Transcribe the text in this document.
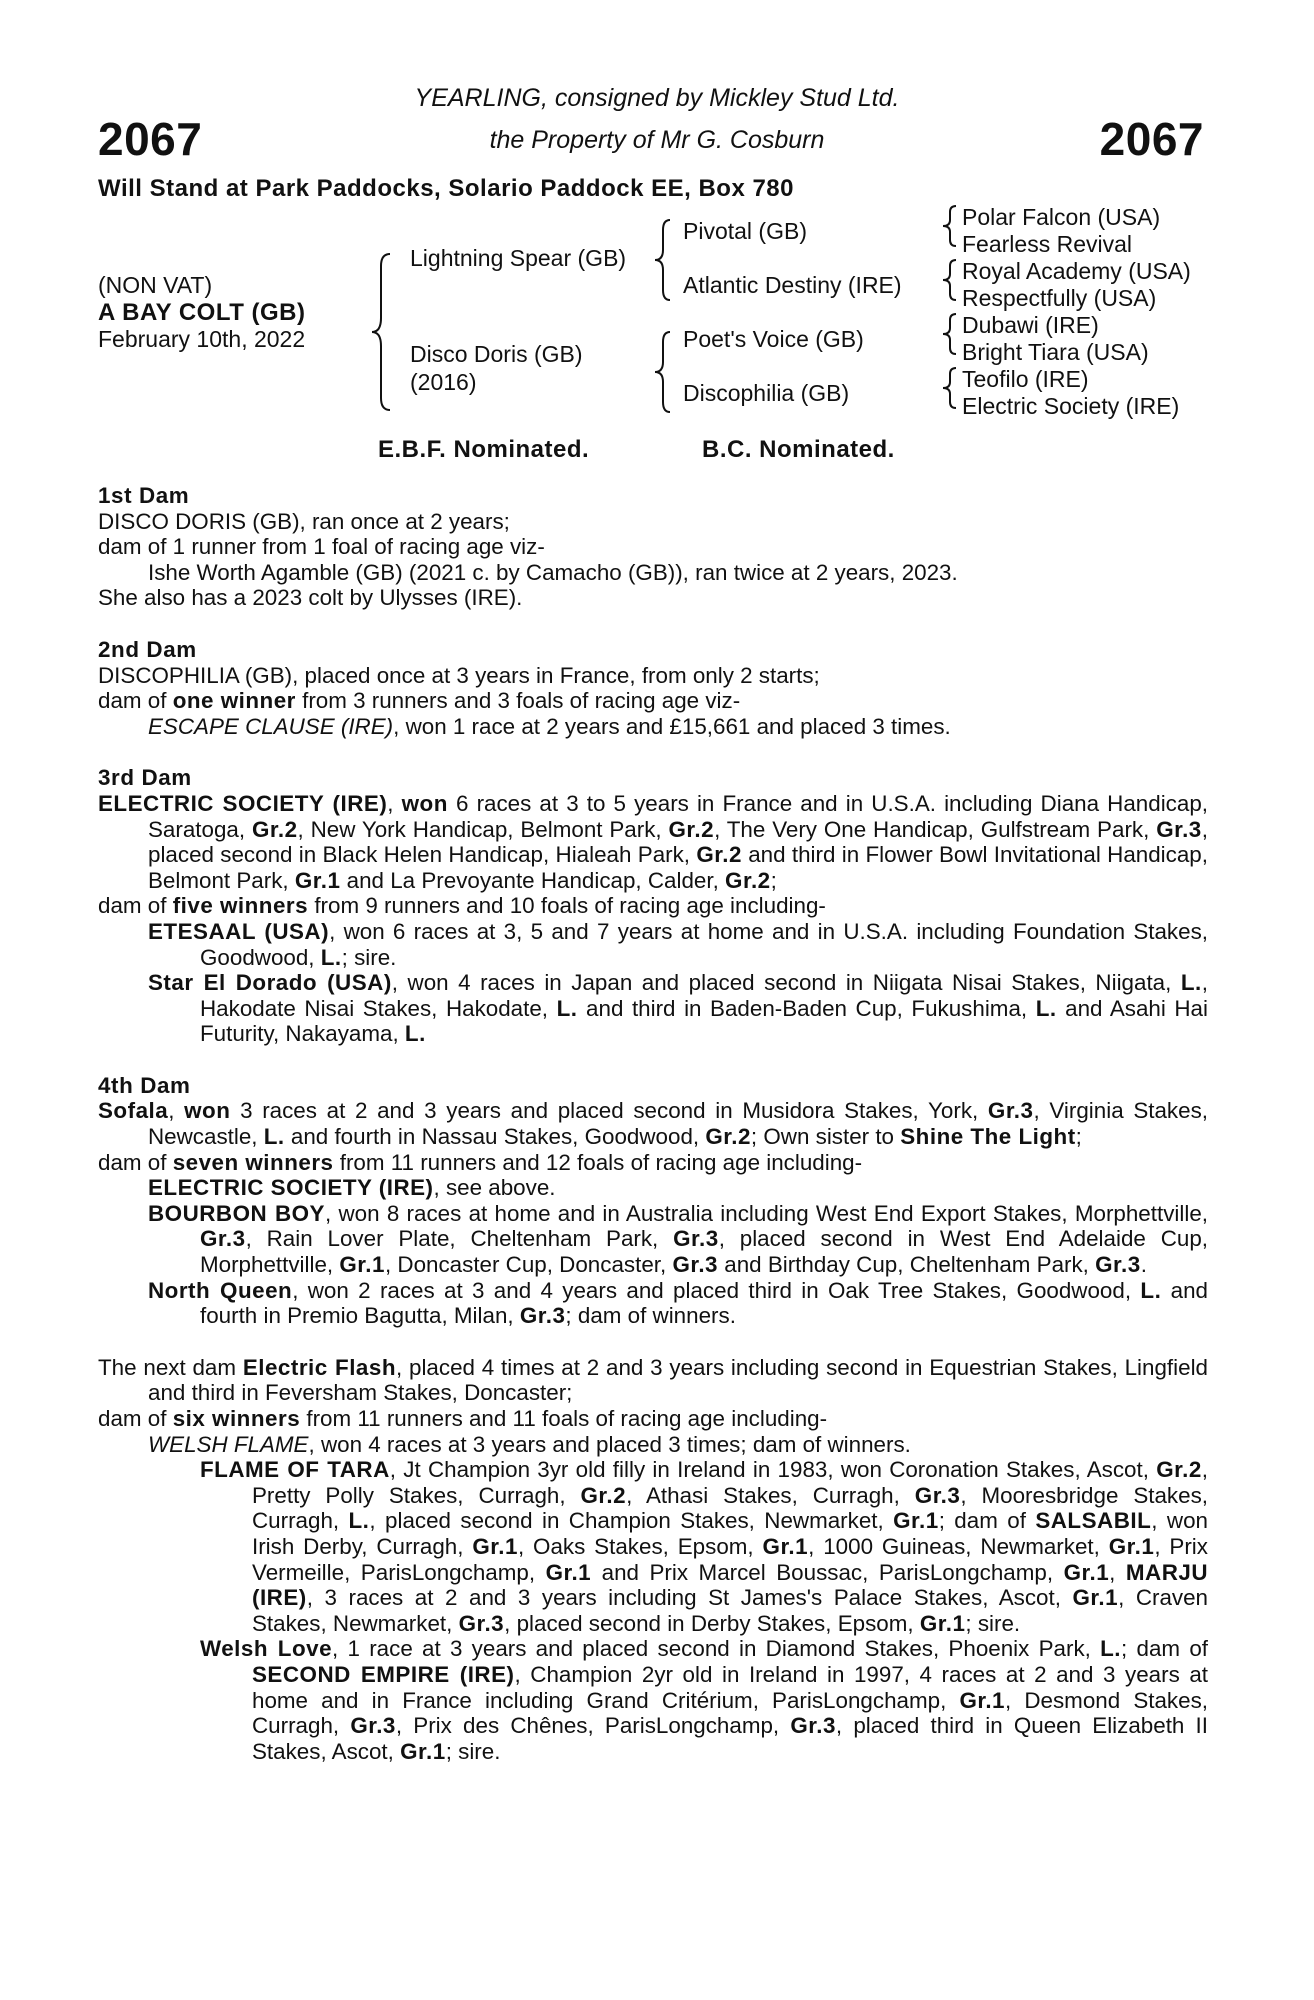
2067
YEARLING, consigned by Mickley Stud Ltd.
the Property of Mr G. Cosburn	2067
Will Stand at Park Paddocks, Solario Paddock EE, Box 780
(NON VAT)
A BAY COLT (GB)
February 10th, 2022
Lightning Spear (GB)
Disco Doris (GB)
(2016)
Pivotal (GB)
Atlantic Destiny (IRE)
Poet's Voice (GB)
Discophilia (GB)
Polar Falcon (USA)
Fearless Revival
Royal Academy (USA)
Respectfully (USA)
Dubawi (IRE)
Bright Tiara (USA)
Teofilo (IRE)
Electric Society (IRE)
E.B.F. Nominated.	B.C. Nominated.
1st Dam
DISCO DORIS (GB), ran once at 2 years;
dam of 1 runner from 1 foal of racing age viz-
Ishe Worth Agamble (GB) (2021 c. by Camacho (GB)), ran twice at 2 years, 2023.
She also has a 2023 colt by Ulysses (IRE).
2nd Dam
DISCOPHILIA (GB), placed once at 3 years in France, from only 2 starts;
dam of one winner from 3 runners and 3 foals of racing age viz-
ESCAPE CLAUSE (IRE), won 1 race at 2 years and £15,661 and placed 3 times.
3rd Dam
ELECTRIC SOCIETY (IRE), won 6 races at 3 to 5 years in France and in U.S.A. including Diana Handicap, Saratoga, Gr.2, New York Handicap, Belmont Park, Gr.2, The Very One Handicap, Gulfstream Park, Gr.3, placed second in Black Helen Handicap, Hialeah Park, Gr.2 and third in Flower Bowl Invitational Handicap, Belmont Park, Gr.1 and La Prevoyante Handicap, Calder, Gr.2;
dam of five winners from 9 runners and 10 foals of racing age including-
ETESAAL (USA), won 6 races at 3, 5 and 7 years at home and in U.S.A. including Foundation Stakes, Goodwood, L.; sire.
Star El Dorado (USA), won 4 races in Japan and placed second in Niigata Nisai Stakes, Niigata, L., Hakodate Nisai Stakes, Hakodate, L. and third in Baden-Baden Cup, Fukushima, L. and Asahi Hai Futurity, Nakayama, L.
4th Dam
Sofala, won 3 races at 2 and 3 years and placed second in Musidora Stakes, York, Gr.3, Virginia Stakes, Newcastle, L. and fourth in Nassau Stakes, Goodwood, Gr.2; Own sister to Shine The Light;
dam of seven winners from 11 runners and 12 foals of racing age including-
ELECTRIC SOCIETY (IRE), see above.
BOURBON BOY, won 8 races at home and in Australia including West End Export Stakes, Morphettville, Gr.3, Rain Lover Plate, Cheltenham Park, Gr.3, placed second in West End Adelaide Cup, Morphettville, Gr.1, Doncaster Cup, Doncaster, Gr.3 and Birthday Cup, Cheltenham Park, Gr.3.
North Queen, won 2 races at 3 and 4 years and placed third in Oak Tree Stakes, Goodwood, L. and fourth in Premio Bagutta, Milan, Gr.3; dam of winners.
The next dam Electric Flash, placed 4 times at 2 and 3 years including second in Equestrian Stakes, Lingfield and third in Feversham Stakes, Doncaster;
dam of six winners from 11 runners and 11 foals of racing age including-
WELSH FLAME, won 4 races at 3 years and placed 3 times; dam of winners.
FLAME OF TARA, Jt Champion 3yr old filly in Ireland in 1983, won Coronation Stakes, Ascot, Gr.2, Pretty Polly Stakes, Curragh, Gr.2, Athasi Stakes, Curragh, Gr.3, Mooresbridge Stakes, Curragh, L., placed second in Champion Stakes, Newmarket, Gr.1; dam of SALSABIL, won Irish Derby, Curragh, Gr.1, Oaks Stakes, Epsom, Gr.1, 1000 Guineas, Newmarket, Gr.1, Prix Vermeille, ParisLongchamp, Gr.1 and Prix Marcel Boussac, ParisLongchamp, Gr.1, MARJU (IRE), 3 races at 2 and 3 years including St James's Palace Stakes, Ascot, Gr.1, Craven Stakes, Newmarket, Gr.3, placed second in Derby Stakes, Epsom, Gr.1; sire.
Welsh Love, 1 race at 3 years and placed second in Diamond Stakes, Phoenix Park, L.; dam of SECOND EMPIRE (IRE), Champion 2yr old in Ireland in 1997, 4 races at 2 and 3 years at home and in France including Grand Critérium, ParisLongchamp, Gr.1, Desmond Stakes, Curragh, Gr.3, Prix des Chênes, ParisLongchamp, Gr.3, placed third in Queen Elizabeth II Stakes, Ascot, Gr.1; sire.
